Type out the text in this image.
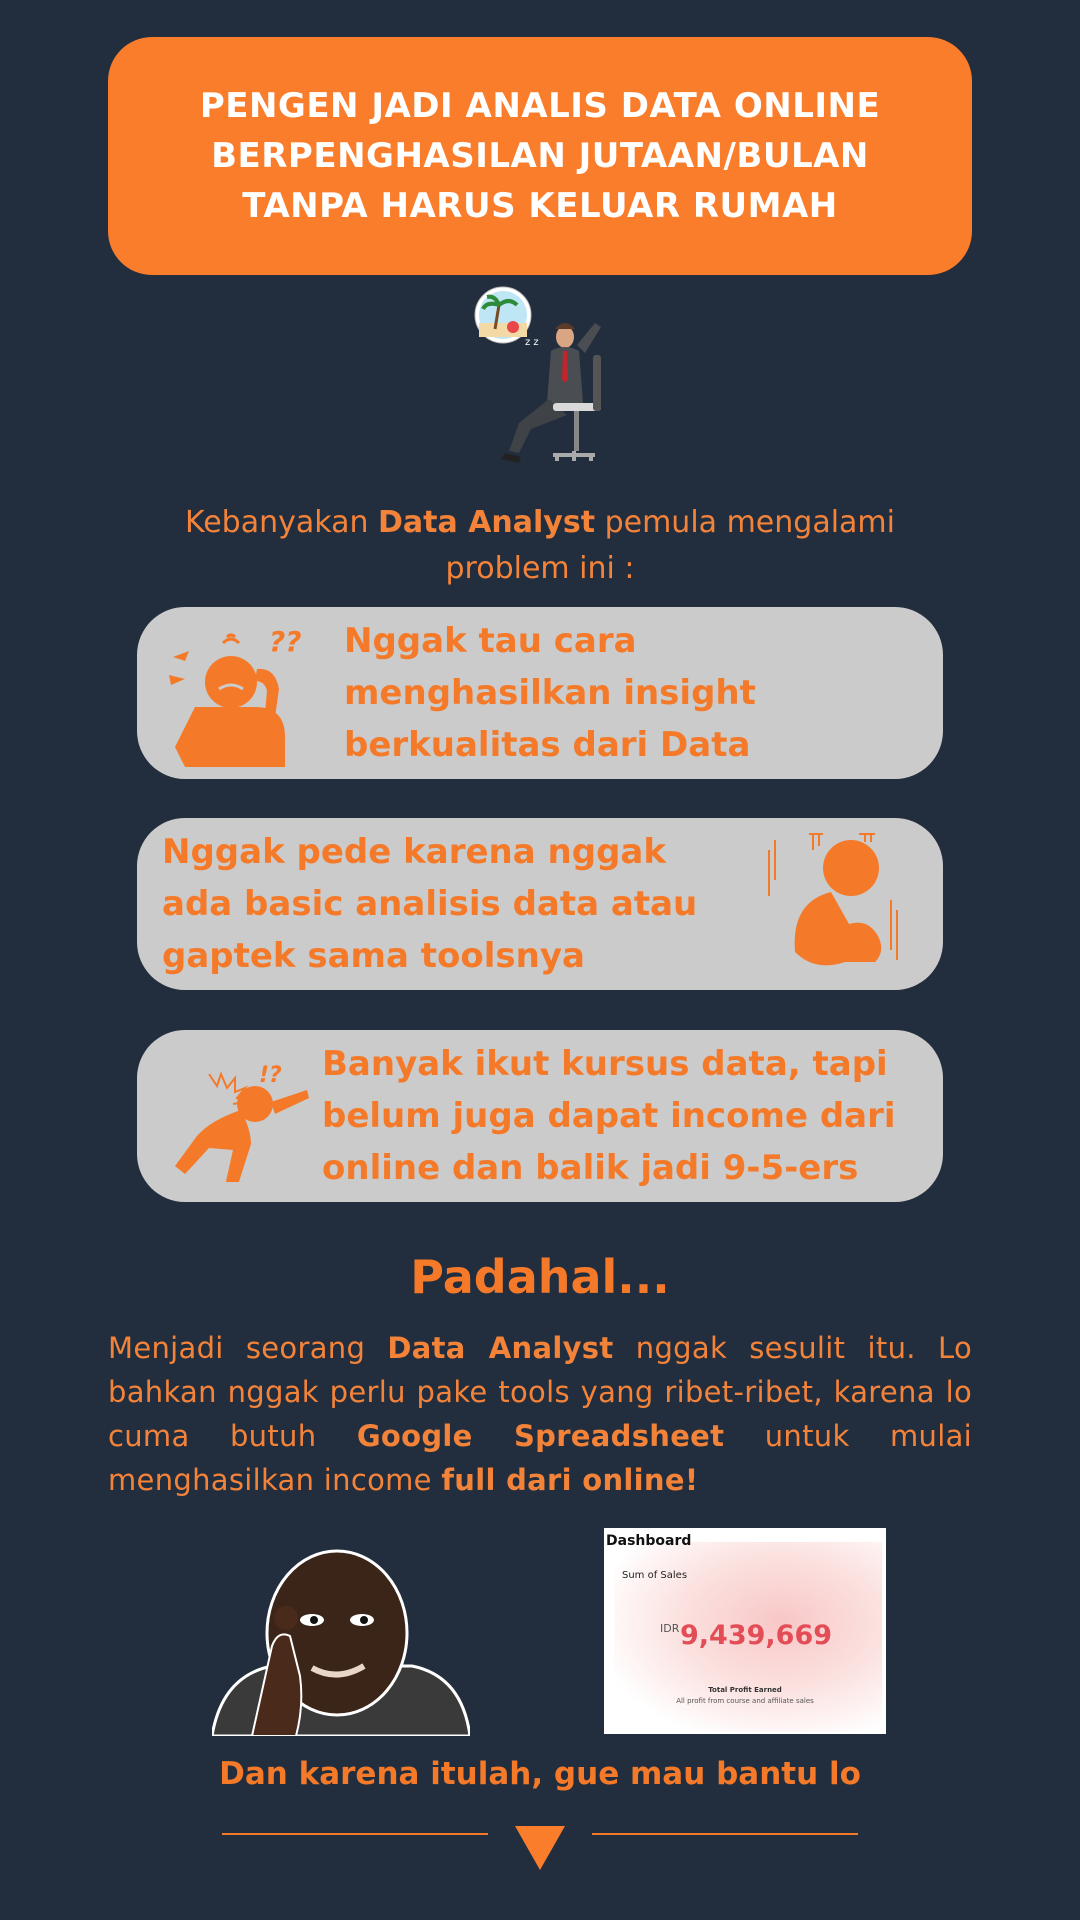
PENGEN JADI ANALIS DATA ONLINE
BERPENGHASILAN JUTAAN/BULAN
TANPA HARUS KELUAR RUMAH
z z
Kebanyakan Data Analyst pemula mengalami problem ini :
?? Nggak tau cara
menghasilkan insight
berkualitas dari Data
Nggak pede karena nggak
ada basic analisis data atau
gaptek sama toolsnya
!? Banyak ikut kursus data, tapi
belum juga dapat income dari
online dan balik jadi 9-5-ers
Padahal...
Menjadi seorang Data Analyst nggak sesulit itu. Lo bahkan nggak perlu pake tools yang ribet-ribet, karena lo cuma butuh Google Spreadsheet untuk mulai menghasilkan income full dari online!
Dashboard
Sum of Sales
IDR 9,439,669
Total Profit Earned
All profit from course and affiliate sales
Dan karena itulah, gue mau bantu lo
